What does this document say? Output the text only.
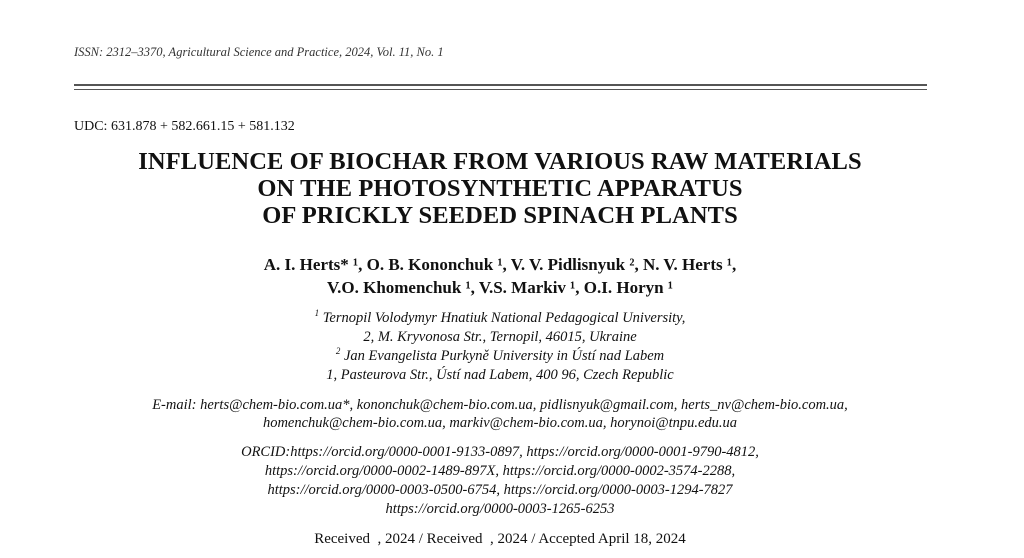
ISSN: 2312–3370, Agricultural Science and Practice, 2024, Vol. 11, No. 1
UDC: 631.878 + 582.661.15 + 581.132
INFLUENCE OF BIOCHAR FROM VARIOUS RAW MATERIALS
ON THE PHOTOSYNTHETIC APPARATUS
OF PRICKLY SEEDED SPINACH PLANTS
A. I. Herts* ¹, O. B. Kononchuk ¹, V. V. Pidlisnyuk ², N. V. Herts ¹,
V.O. Khomenchuk ¹, V.S. Markiv ¹, O.I. Horyn ¹
$^1$ Ternopil Volodymyr Hnatiuk National Pedagogical University,
2, M. Kryvonosa Str., Ternopil, 46015, Ukraine
$^2$ Jan Evangelista Purkyně University in Ústí nad Labem
1, Pasteurova Str., Ústí nad Labem, 400 96, Czech Republic
E-mail: herts@chem-bio.com.ua*, kononchuk@chem-bio.com.ua, pidlisnyuk@gmail.com, herts_nv@chem-bio.com.ua,
homenchuk@chem-bio.com.ua, markiv@chem-bio.com.ua, horynoi@tnpu.edu.ua
ORCID:https://orcid.org/0000-0001-9133-0897, https://orcid.org/0000-0001-9790-4812,
https://orcid.org/0000-0002-1489-897X, https://orcid.org/0000-0002-3574-2288,
https://orcid.org/0000-0003-0500-6754, https://orcid.org/0000-0003-1294-7827
https://orcid.org/0000-0003-1265-6253
Received  , 2024 / Received  , 2024 / Accepted April 18, 2024
